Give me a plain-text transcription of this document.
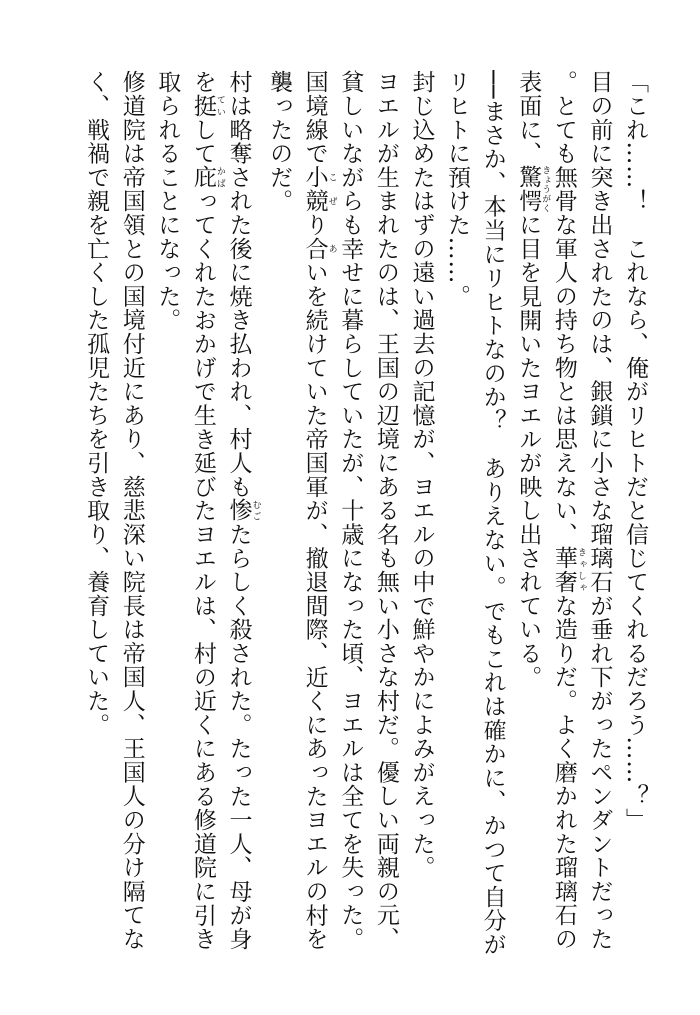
「これ……！　これなら、俺がリヒトだと信じてくれるだろう……？」

目の前に突き出されたのは、銀鎖に小さな瑠璃石が垂れ下がったペンダントだった。とても無骨な軍人の持ち物とは思えない、華奢 きゃしゃな造りだ。よく磨かれた瑠璃石の表面に、驚愕 きょうがくに目を見開いたヨエルが映し出されている。

──まさか、本当にリヒトなのか？　ありえない。でもこれは確かに、かつて自分がリヒトに預けた……。

封じ込めたはずの遠い過去の記憶が、ヨエルの中で鮮やかによみがえった。

ヨエルが生まれたのは、王国の辺境にある名も無い小さな村だ。優しい両親の元、貧しいながらも幸せに暮らしていたが、十歳になった頃、ヨエルは全てを失った。国境線で小競 こぜり合 あいを続けていた帝国軍が、撤退間際、近くにあったヨエルの村を襲ったのだ。

村は略奪された後に焼き払われ、村人も惨 むごたらしく殺された。たった一人、母が身を挺 ていして庇 かばってくれたおかげで生き延びたヨエルは、村の近くにある修道院に引き取られることになった。

修道院は帝国領との国境付近にあり、慈悲深い院長は帝国人、王国人の分け隔てなく、戦禍で親を亡くした孤児たちを引き取り、養育していた。
